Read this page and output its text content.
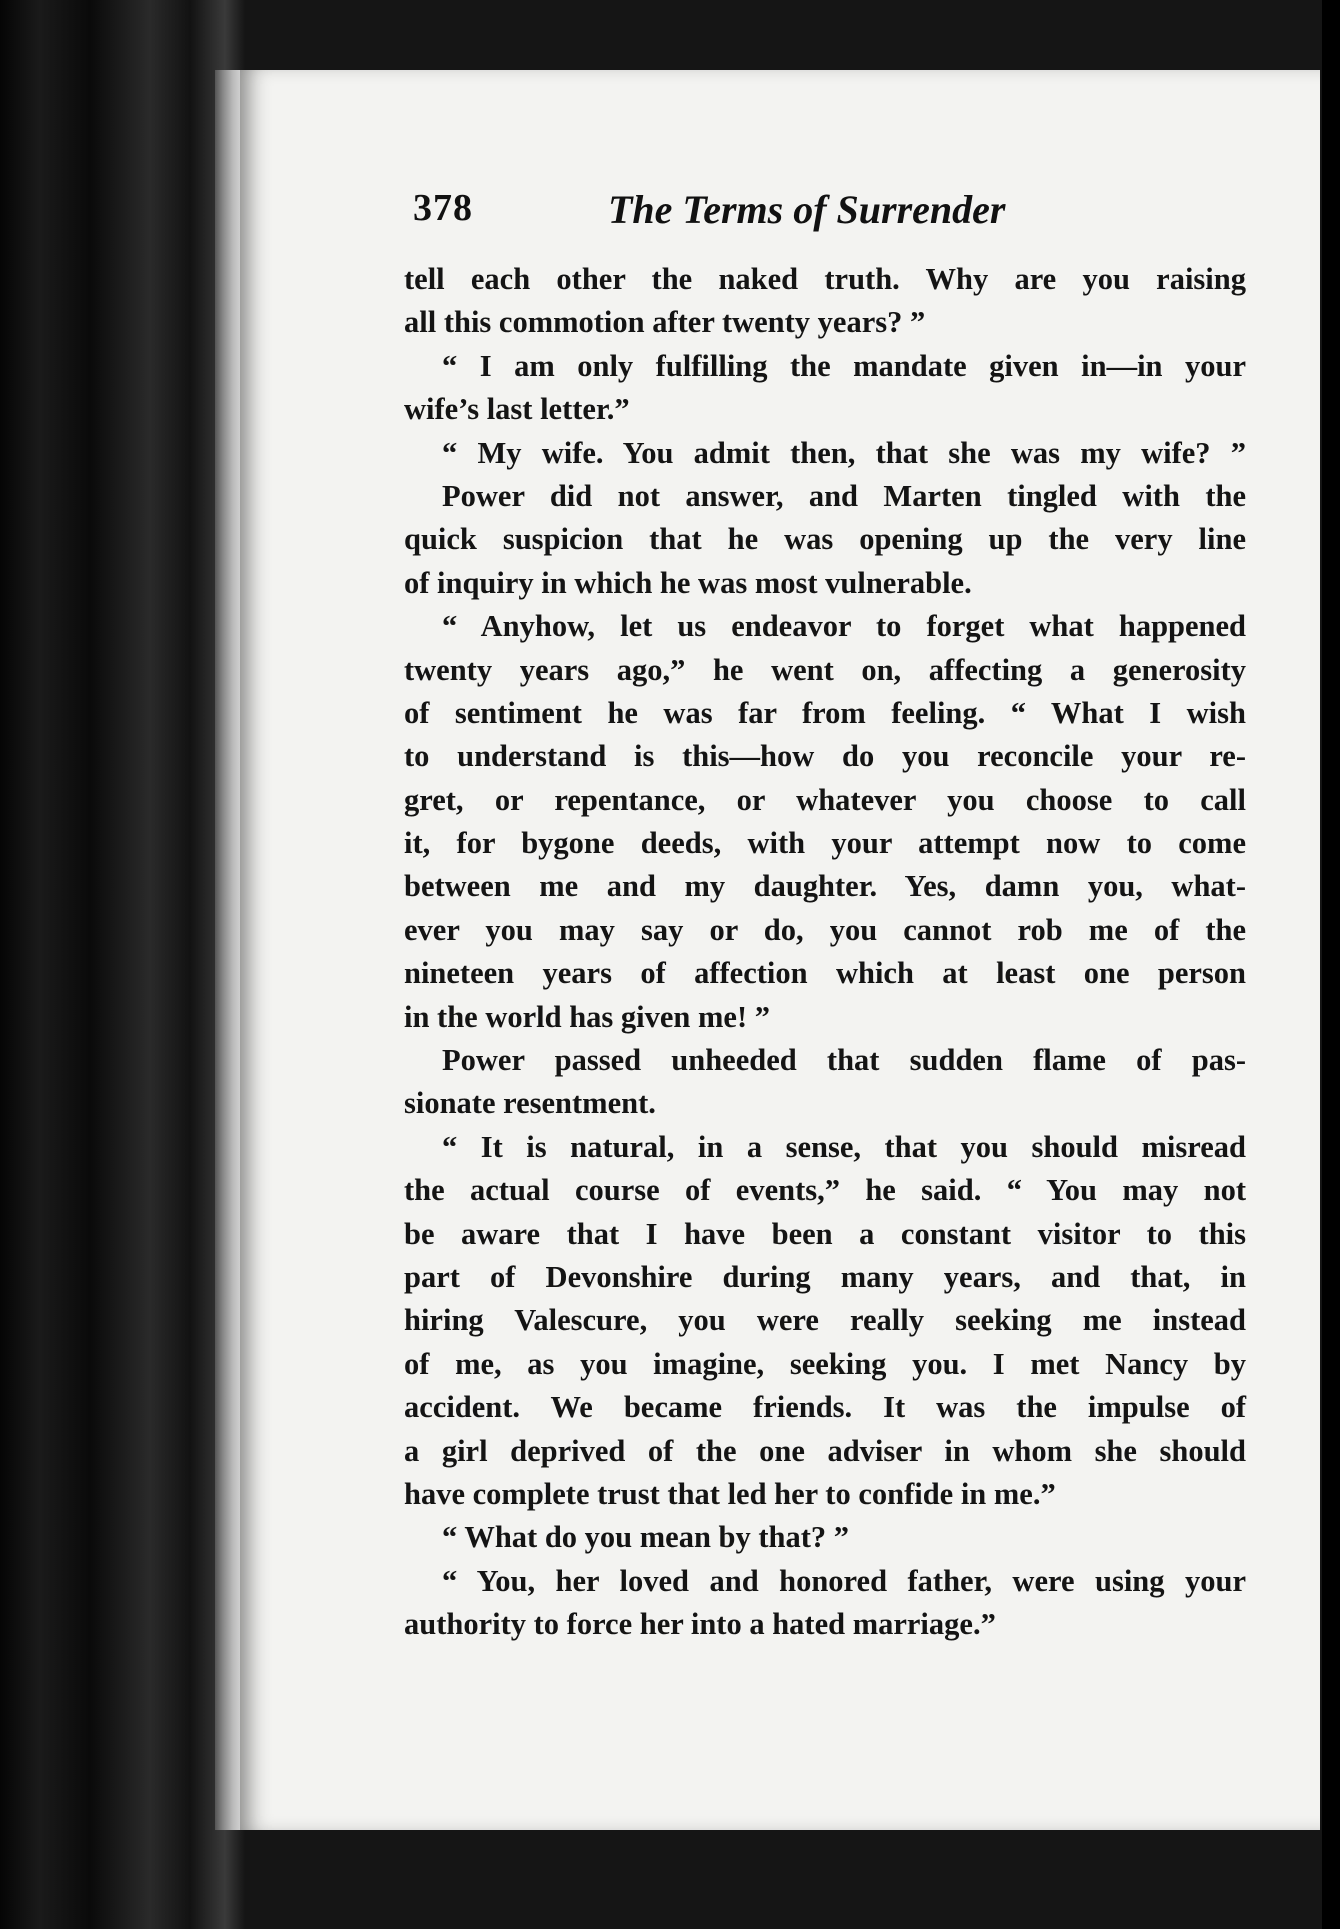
378	The Terms of Surrender
tell each other the naked truth. Why are you raising
all this commotion after twenty years? ”
“ I am only fulfilling the mandate given in—in your
wife’s last letter.”
“ My wife. You admit then, that she was my wife? ”
Power did not answer, and Marten tingled with the
quick suspicion that he was opening up the very line
of inquiry in which he was most vulnerable.
“ Anyhow, let us endeavor to forget what happened
twenty years ago,” he went on, affecting a generosity
of sentiment he was far from feeling. “ What I wish
to understand is this—how do you reconcile your re-
gret, or repentance, or whatever you choose to call
it, for bygone deeds, with your attempt now to come
between me and my daughter. Yes, damn you, what-
ever you may say or do, you cannot rob me of the
nineteen years of affection which at least one person
in the world has given me! ”
Power passed unheeded that sudden flame of pas-
sionate resentment.
“ It is natural, in a sense, that you should misread
the actual course of events,” he said. “ You may not
be aware that I have been a constant visitor to this
part of Devonshire during many years, and that, in
hiring Valescure, you were really seeking me instead
of me, as you imagine, seeking you. I met Nancy by
accident. We became friends. It was the impulse of
a girl deprived of the one adviser in whom she should
have complete trust that led her to confide in me.”
“ What do you mean by that? ”
“ You, her loved and honored father, were using your
authority to force her into a hated marriage.”
